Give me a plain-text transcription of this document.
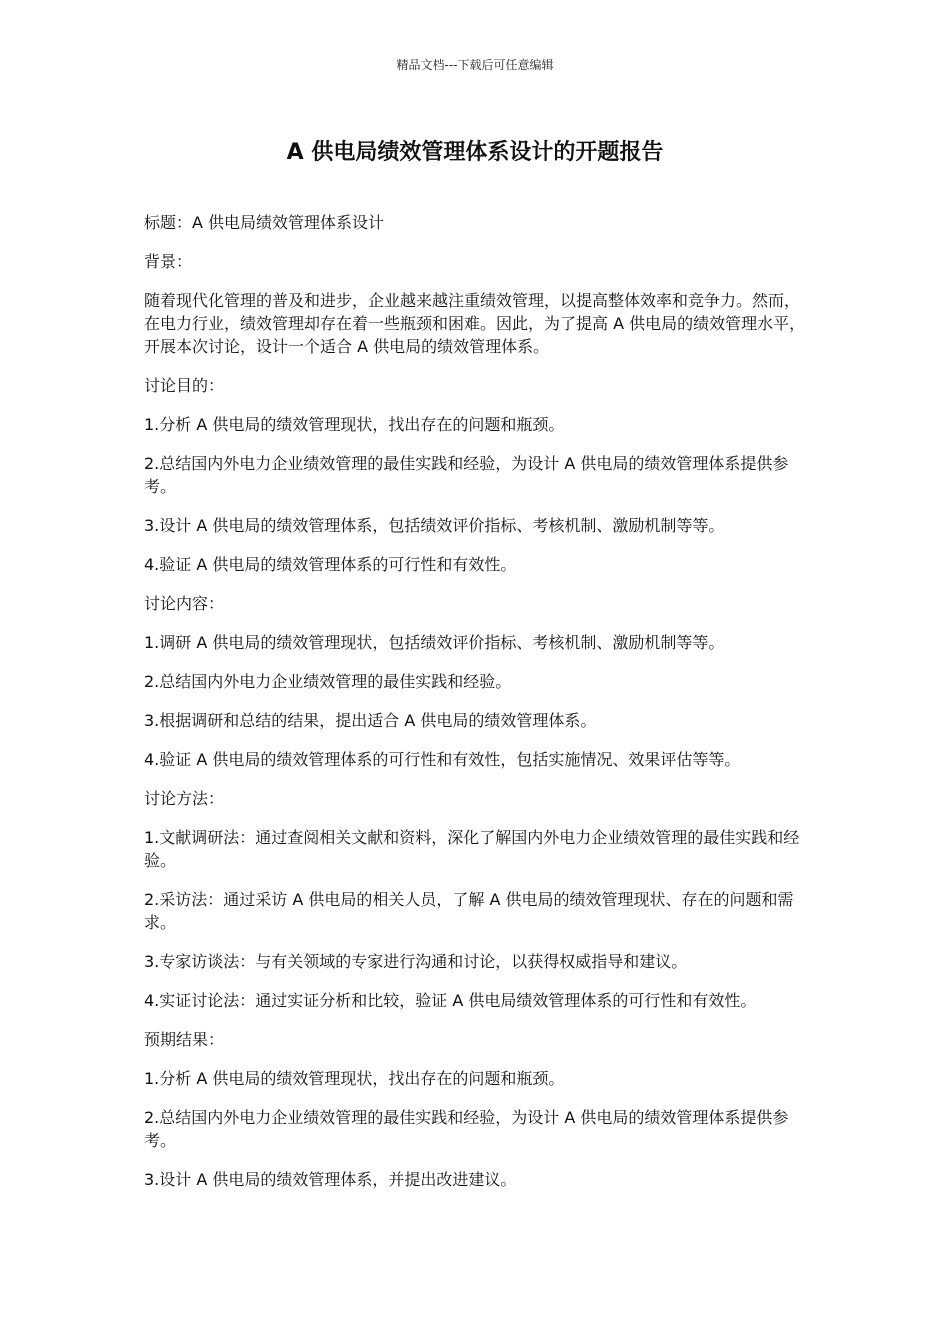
精品文档---下载后可任意编辑
A 供电局绩效管理体系设计的开题报告

标题：A 供电局绩效管理体系设计

背景：

随着现代化管理的普及和进步，企业越来越注重绩效管理，以提高整体效率和竞争力。然而，在电力行业，绩效管理却存在着一些瓶颈和困难。因此，为了提高 A 供电局的绩效管理水平，开展本次讨论，设计一个适合 A 供电局的绩效管理体系。

讨论目的：

1.分析 A 供电局的绩效管理现状，找出存在的问题和瓶颈。

2.总结国内外电力企业绩效管理的最佳实践和经验，为设计 A 供电局的绩效管理体系提供参考。

3.设计 A 供电局的绩效管理体系，包括绩效评价指标、考核机制、激励机制等等。

4.验证 A 供电局的绩效管理体系的可行性和有效性。

讨论内容：

1.调研 A 供电局的绩效管理现状，包括绩效评价指标、考核机制、激励机制等等。

2.总结国内外电力企业绩效管理的最佳实践和经验。

3.根据调研和总结的结果，提出适合 A 供电局的绩效管理体系。

4.验证 A 供电局的绩效管理体系的可行性和有效性，包括实施情况、效果评估等等。

讨论方法：

1.文献调研法：通过查阅相关文献和资料，深化了解国内外电力企业绩效管理的最佳实践和经验。

2.采访法：通过采访 A 供电局的相关人员，了解 A 供电局的绩效管理现状、存在的问题和需求。

3.专家访谈法：与有关领域的专家进行沟通和讨论，以获得权威指导和建议。

4.实证讨论法：通过实证分析和比较，验证 A 供电局绩效管理体系的可行性和有效性。

预期结果：

1.分析 A 供电局的绩效管理现状，找出存在的问题和瓶颈。

2.总结国内外电力企业绩效管理的最佳实践和经验，为设计 A 供电局的绩效管理体系提供参考。

3.设计 A 供电局的绩效管理体系，并提出改进建议。
